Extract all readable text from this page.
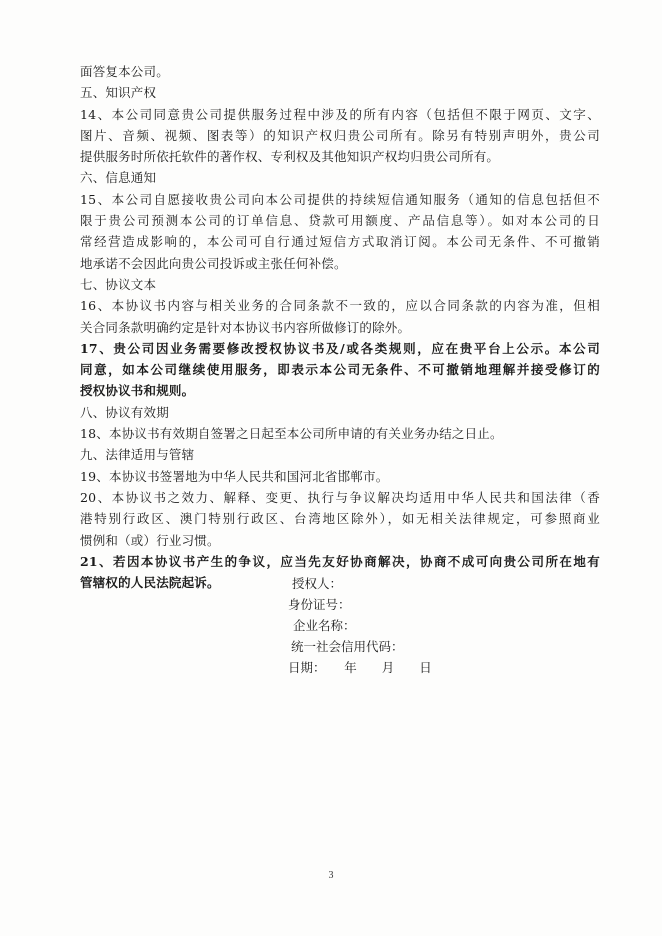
面答复本公司。
五、知识产权
14、本公司同意贵公司提供服务过程中涉及的所有内容（包括但不限于网页、文字、
图片、音频、视频、图表等）的知识产权归贵公司所有。除另有特别声明外，贵公司
提供服务时所依托软件的著作权、专利权及其他知识产权均归贵公司所有。
六、信息通知
15、本公司自愿接收贵公司向本公司提供的持续短信通知服务（通知的信息包括但不
限于贵公司预测本公司的订单信息、贷款可用额度、产品信息等）。如对本公司的日
常经营造成影响的，本公司可自行通过短信方式取消订阅。本公司无条件、不可撤销
地承诺不会因此向贵公司投诉或主张任何补偿。
七、协议文本
16、本协议书内容与相关业务的合同条款不一致的，应以合同条款的内容为准，但相
关合同条款明确约定是针对本协议书内容所做修订的除外。
17、贵公司因业务需要修改授权协议书及/或各类规则，应在贵平台上公示。本公司
同意，如本公司继续使用服务，即表示本公司无条件、不可撤销地理解并接受修订的
授权协议书和规则。
八、协议有效期
18、本协议书有效期自签署之日起至本公司所申请的有关业务办结之日止。
九、法律适用与管辖
19、本协议书签署地为中华人民共和国河北省邯郸市。
20、本协议书之效力、解释、变更、执行与争议解决均适用中华人民共和国法律（香
港特别行政区、澳门特别行政区、台湾地区除外），如无相关法律规定，可参照商业
惯例和（或）行业习惯。
21、若因本协议书产生的争议，应当先友好协商解决，协商不成可向贵公司所在地有
管辖权的人民法院起诉。	授权人：
身份证号：
企业名称：
统一社会信用代码：
日期：　　年　　月　　日
3
